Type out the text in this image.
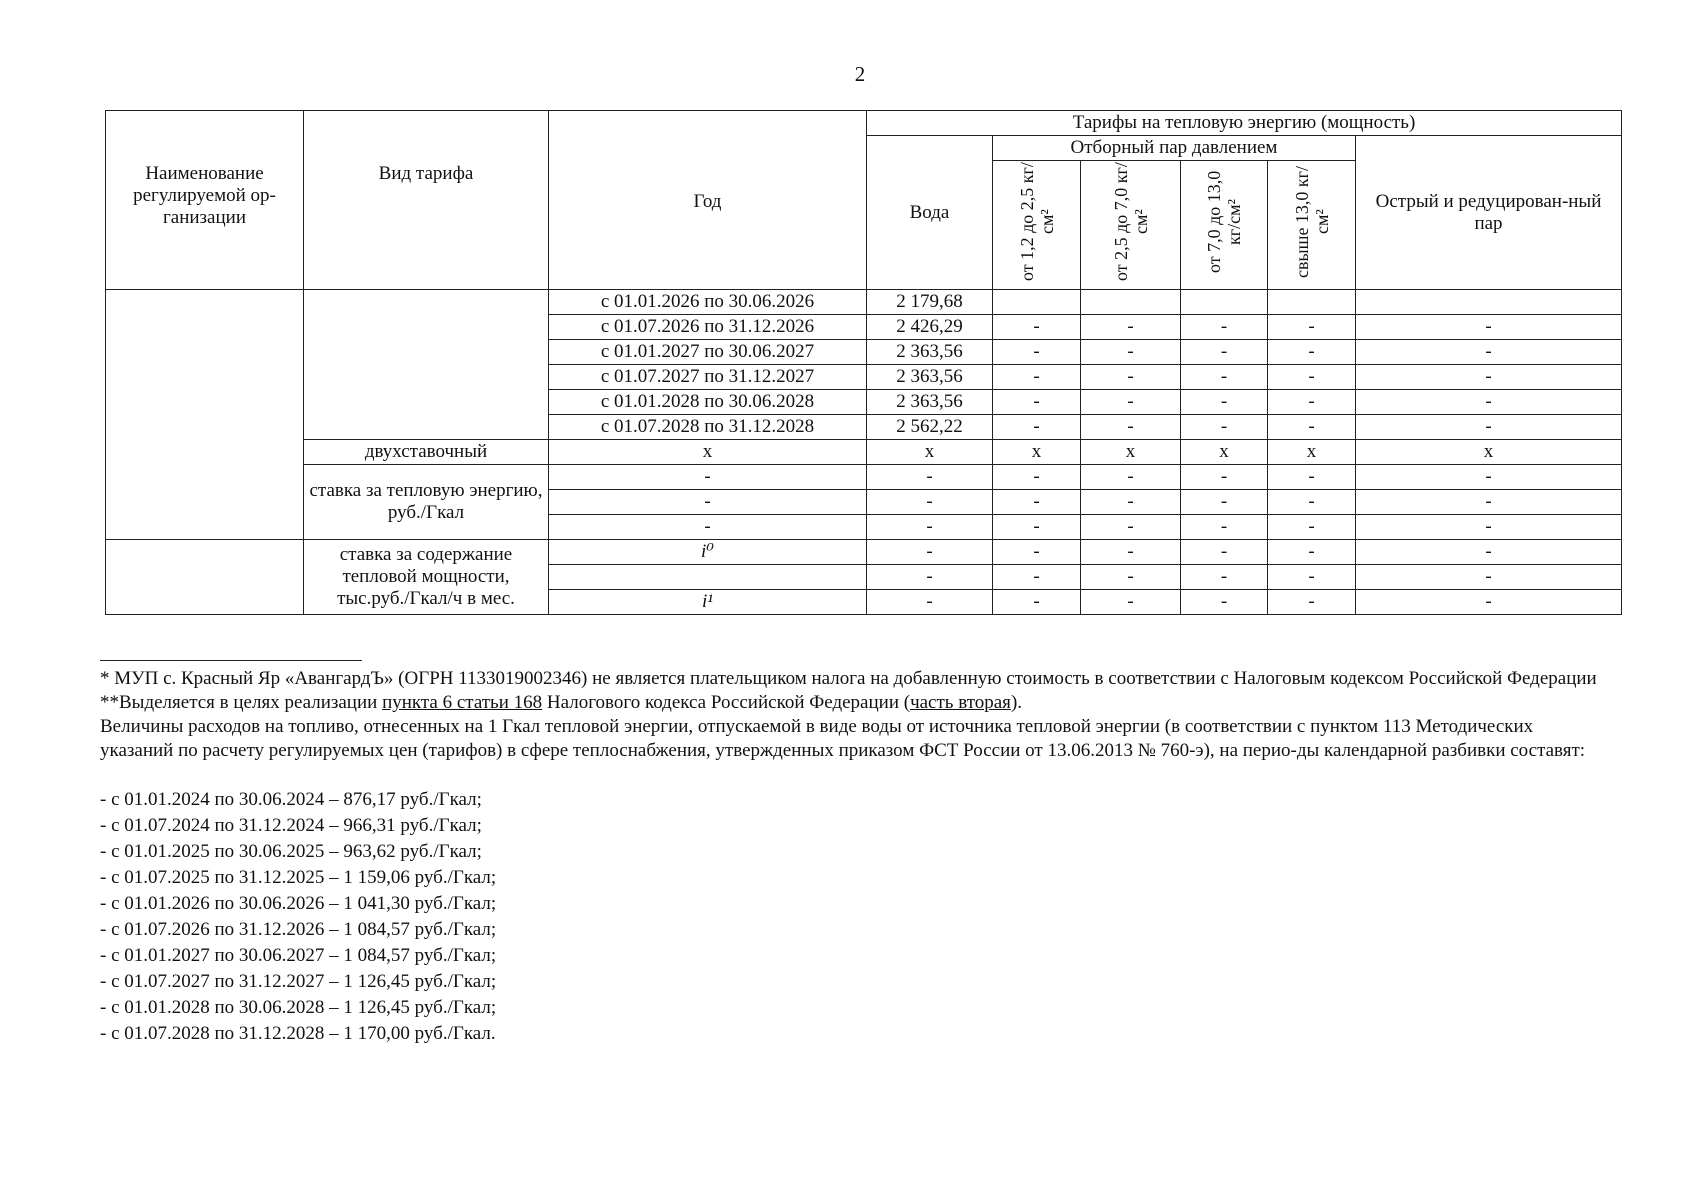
2
Наименование регулируемой ор-ганизации	Вид тарифа	Год	Тарифы на тепловую энергию (мощность)					
			Вода	Отборный пар давлением				Острый и редуцирован-ный пар
				от 1,2 до 2,5 кг/см²	от 2,5 до 7,0 кг/см²	от 7,0 до 13,0 кг/см²	свыше 13,0 кг/см²	
		с 01.01.2026 по 30.06.2026	2 179,68					
		с 01.07.2026 по 31.12.2026	2 426,29	-	-	-	-	-
		с 01.01.2027 по 30.06.2027	2 363,56	-	-	-	-	-
		с 01.07.2027 по 31.12.2027	2 363,56	-	-	-	-	-
		с 01.01.2028 по 30.06.2028	2 363,56	-	-	-	-	-
		с 01.07.2028 по 31.12.2028	2 562,22	-	-	-	-	-
	двухставочный	x	x	x	x	x	x	x
	ставка за тепловую энергию, руб./Гкал	-	-	-	-	-	-	-
		-	-	-	-	-	-	-
		-	-	-	-	-	-	-
	ставка за содержание тепловой мощности, тыс.руб./Гкал/ч в мес.	i⁰	-	-	-	-	-	-
			-	-	-	-	-	-
		i¹	-	-	-	-	-	-

* МУП с. Красный Яр «АвангардЪ» (ОГРН 1133019002346) не является плательщиком налога на добавленную стоимость в соответствии с Налоговым кодексом Российской Федерации

**Выделяется в целях реализации пункта 6 статьи 168 Налогового кодекса Российской Федерации (часть вторая).

Величины расходов на топливо, отнесенных на 1 Гкал тепловой энергии, отпускаемой в виде воды от источника тепловой энергии (в соответствии с пунктом 113 Методических указаний по расчету регулируемых цен (тарифов) в сфере теплоснабжения, утвержденных приказом ФСТ России от 13.06.2013 № 760-э), на перио-ды календарной разбивки составят:

- с 01.01.2024 по 30.06.2024 – 876,17 руб./Гкал;
- с 01.07.2024 по 31.12.2024 – 966,31 руб./Гкал;
- с 01.01.2025 по 30.06.2025 – 963,62 руб./Гкал;
- с 01.07.2025 по 31.12.2025 – 1 159,06 руб./Гкал;
- с 01.01.2026 по 30.06.2026 – 1 041,30 руб./Гкал;
- с 01.07.2026 по 31.12.2026 – 1 084,57 руб./Гкал;
- с 01.01.2027 по 30.06.2027 – 1 084,57 руб./Гкал;
- с 01.07.2027 по 31.12.2027 – 1 126,45 руб./Гкал;
- с 01.01.2028 по 30.06.2028 – 1 126,45 руб./Гкал;
- с 01.07.2028 по 31.12.2028 – 1 170,00 руб./Гкал.
